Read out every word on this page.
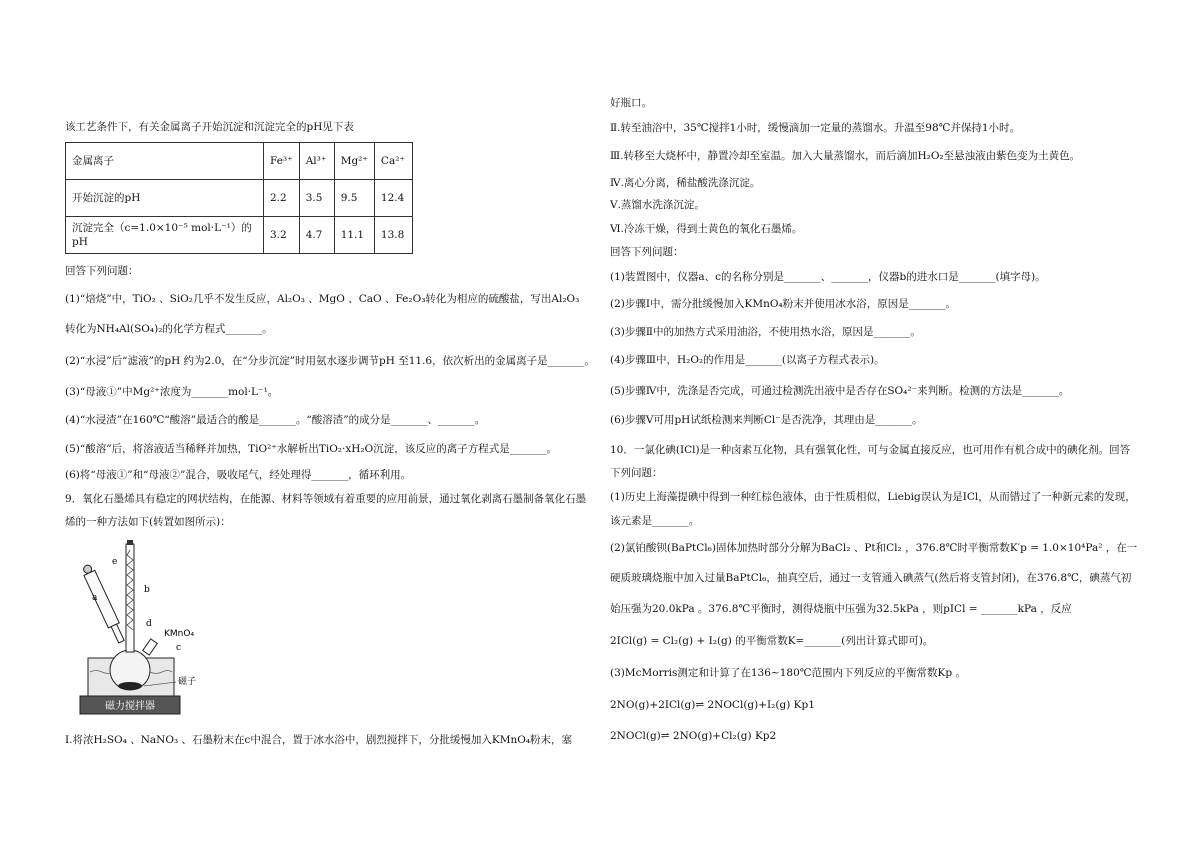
该工艺条件下，有关金属离子开始沉淀和沉淀完全的pH见下表
金属离子	Fe³⁺	Al³⁺	Mg²⁺	Ca²⁺
开始沉淀的pH	2.2	3.5	9.5	12.4
沉淀完全（c=1.0×10⁻⁵ mol·L⁻¹）的pH	3.2	4.7	11.1	13.8
回答下列问题：
(1)“焙烧”中，TiO₂ 、SiO₂几乎不发生反应，Al₂O₃ 、MgO 、CaO 、Fe₂O₃转化为相应的硫酸盐，写出Al₂O₃
转化为NH₄Al(SO₄)₂的化学方程式_______。
(2)“水浸”后“滤液”的pH 约为2.0，在“分步沉淀”时用氨水逐步调节pH 至11.6，依次析出的金属离子是_______。
(3)“母液①”中Mg²⁺浓度为_______mol·L⁻¹。
(4)“水浸渣”在160℃“酸溶”最适合的酸是_______。“酸溶渣”的成分是_______、_______。
(5)“酸溶”后，将溶液适当稀释并加热，TiO²⁺水解析出TiO₂·xH₂O沉淀，该反应的离子方程式是_______。
(6)将“母液①”和“母液②”混合，吸收尾气，经处理得_______，循环利用。
9．氧化石墨烯具有稳定的网状结构，在能源、材料等领域有着重要的应用前景，通过氧化剥离石墨制备氧化石墨
烯的一种方法如下(转置如图所示)：
磁力搅拌器
e
a
b
d
c
KMnO₄
磁子
Ⅰ.将浓H₂SO₄ 、NaNO₃ 、石墨粉末在c中混合，置于冰水浴中，剧烈搅拌下，分批缓慢加入KMnO₄粉末，塞
好瓶口。
Ⅱ.转至油浴中，35℃搅拌1小时，缓慢滴加一定量的蒸馏水。升温至98℃并保持1小时。
Ⅲ.转移至大烧杯中，静置冷却至室温。加入大量蒸馏水，而后滴加H₂O₂至悬浊液由紫色变为土黄色。
Ⅳ.离心分离，稀盐酸洗涤沉淀。
Ⅴ.蒸馏水洗涤沉淀。
Ⅵ.冷冻干燥，得到土黄色的氧化石墨烯。
回答下列问题：
(1)装置图中，仪器a、c的名称分别是_______、_______，仪器b的进水口是_______(填字母)。
(2)步骤Ⅰ中，需分批缓慢加入KMnO₄粉末并使用冰水浴，原因是_______。
(3)步骤Ⅱ中的加热方式采用油浴，不使用热水浴，原因是_______。
(4)步骤Ⅲ中，H₂O₂的作用是_______(以离子方程式表示)。
(5)步骤Ⅳ中，洗涤是否完成，可通过检测洗出液中是否存在SO₄²⁻来判断。检测的方法是_______。
(6)步骤Ⅴ可用pH试纸检测来判断Cl⁻是否洗净，其理由是_______。
10．一氯化碘(ICl)是一种卤素互化物，具有强氧化性，可与金属直接反应，也可用作有机合成中的碘化剂。回答
下列问题：
(1)历史上海藻提碘中得到一种红棕色液体，由于性质相似，Liebig误认为是ICl，从而错过了一种新元素的发现，
该元素是_______。
(2)氯铂酸钡(BaPtCl₆)固体加热时部分分解为BaCl₂ 、Pt和Cl₂ ，376.8℃时平衡常数K′p = 1.0×10⁴Pa² ，在一
硬质玻璃烧瓶中加入过量BaPtCl₆，抽真空后，通过一支管通入碘蒸气(然后将支管封闭)，在376.8℃，碘蒸气初
始压强为20.0kPa 。376.8℃平衡时，测得烧瓶中压强为32.5kPa ，则pICl = _______kPa ，反应
2ICl(g) = Cl₂(g) + I₂(g) 的平衡常数K=_______(列出计算式即可)。
(3)McMorris测定和计算了在136~180℃范围内下列反应的平衡常数Kp 。
2NO(g)+2ICl(g)⇌ 2NOCl(g)+I₂(g) Kp1
2NOCl(g)⇌ 2NO(g)+Cl₂(g) Kp2
